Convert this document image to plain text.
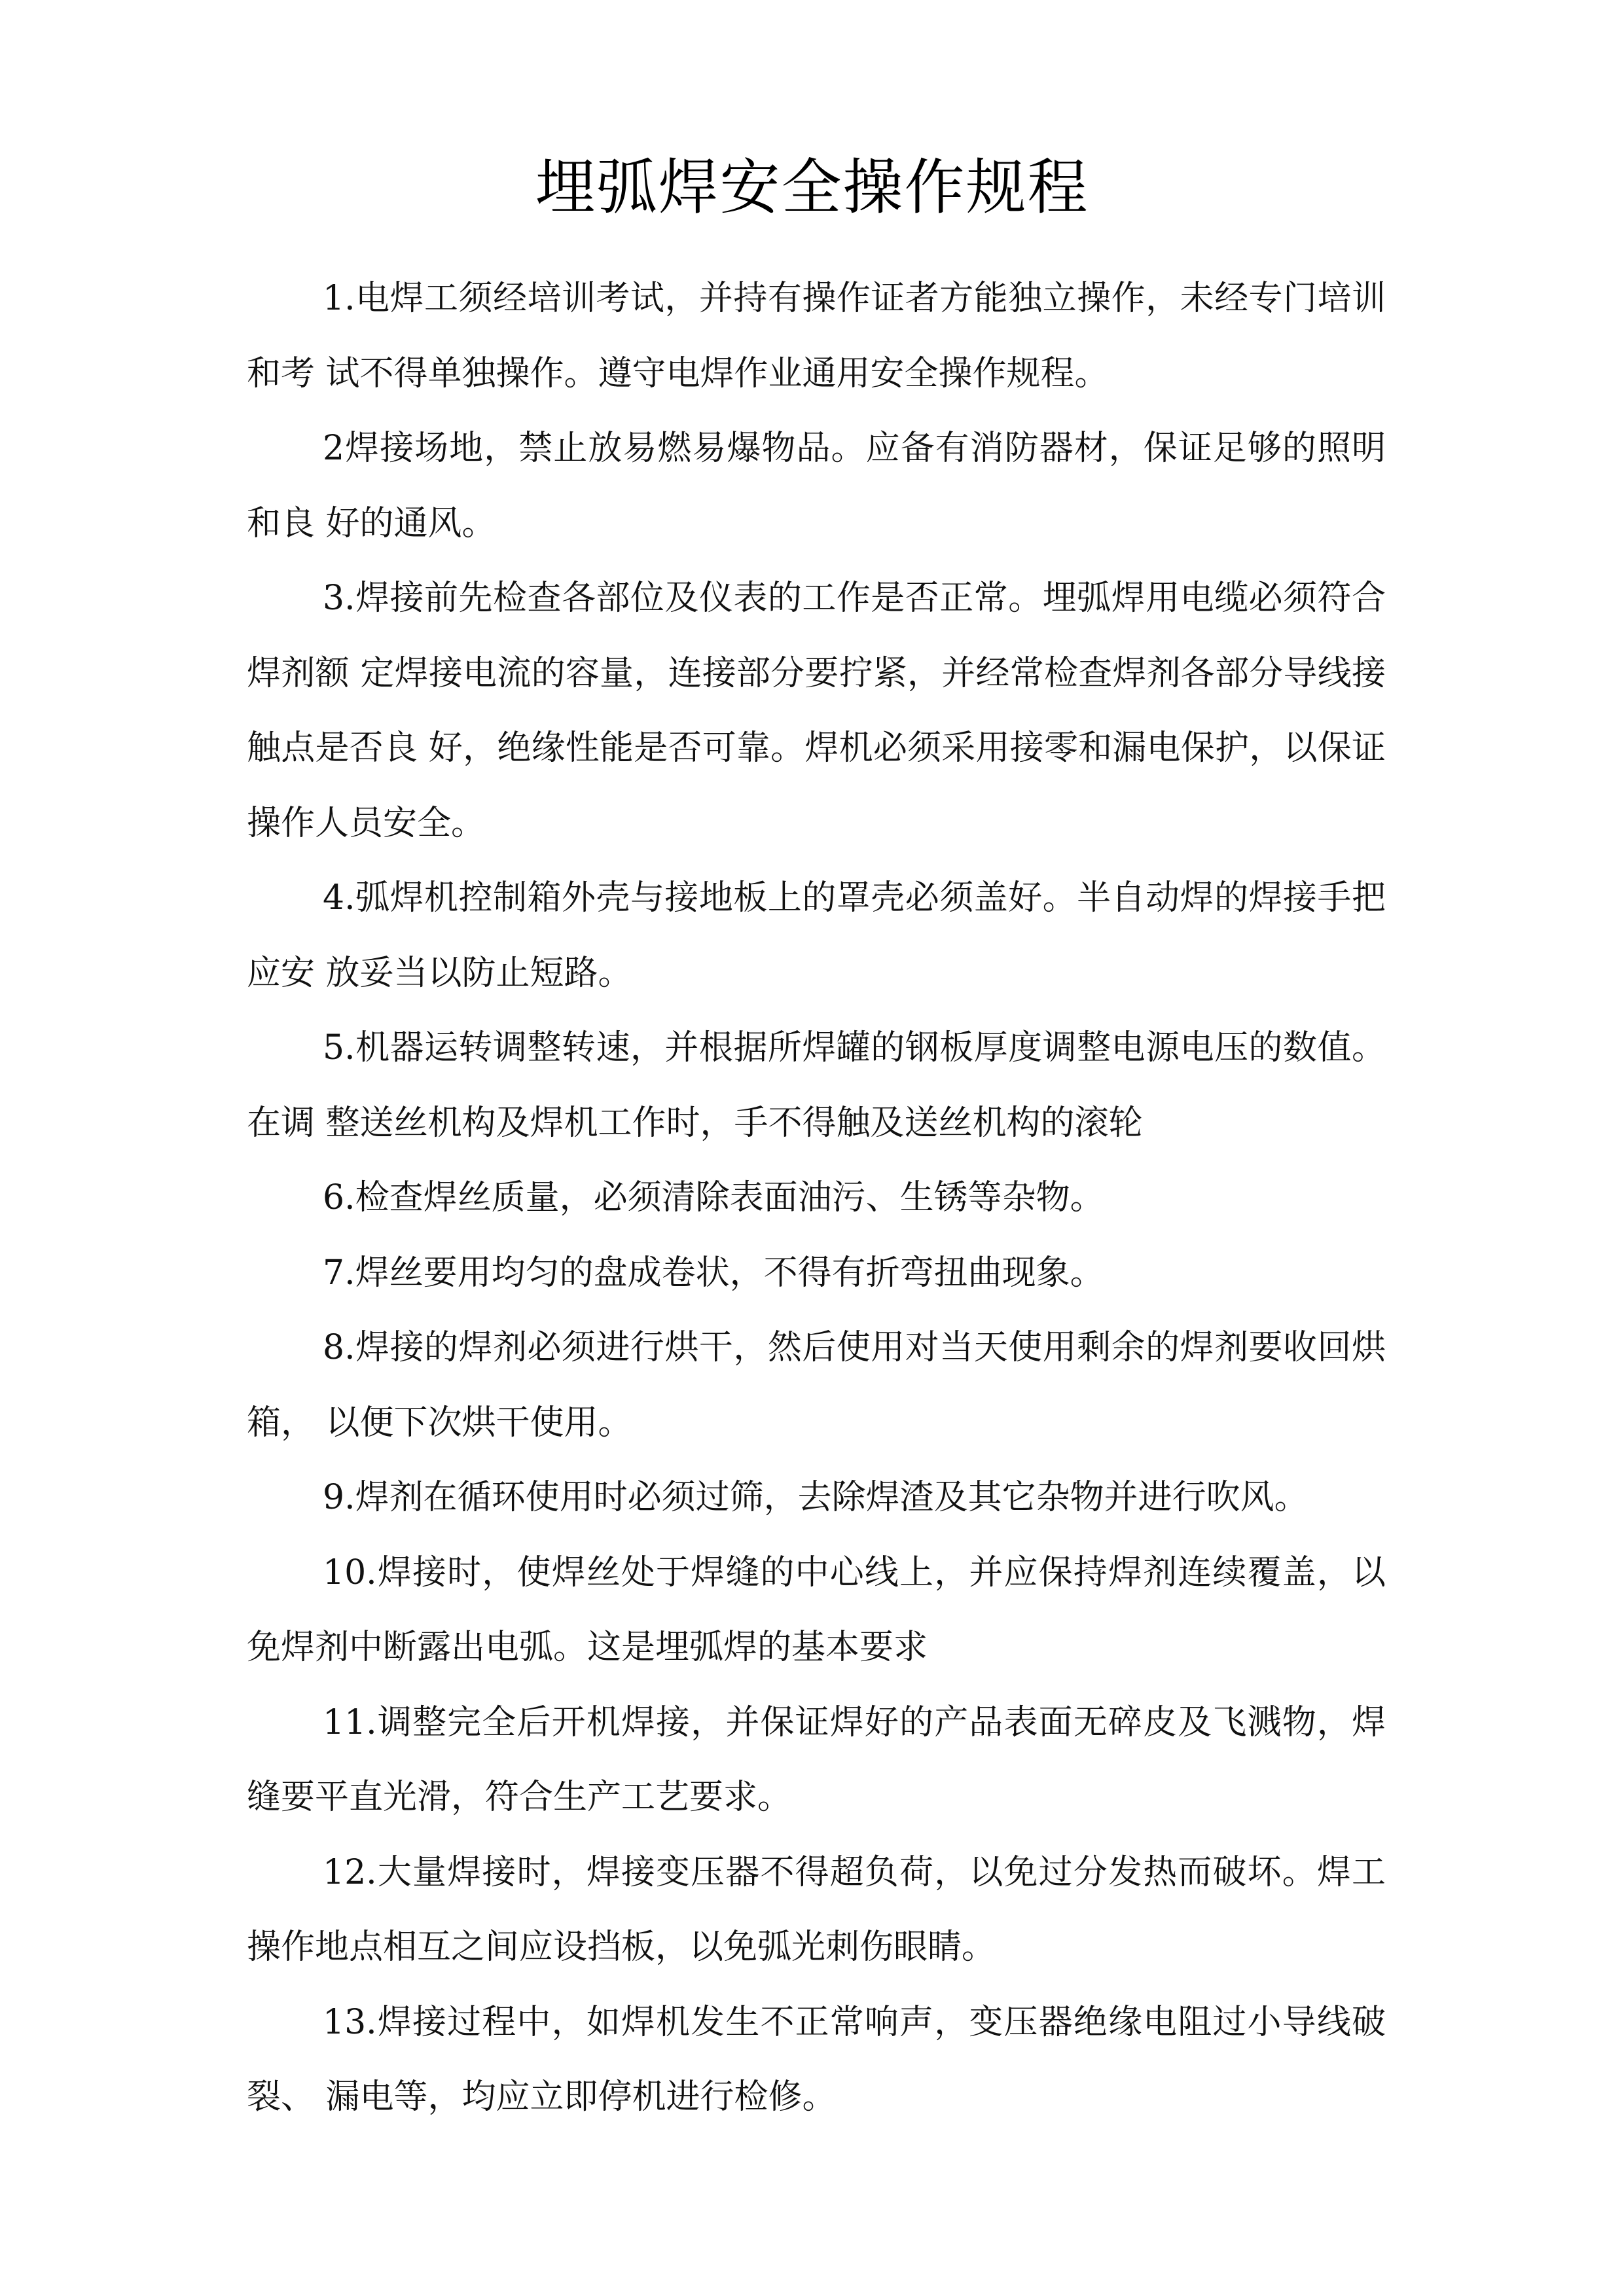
埋弧焊安全操作规程

1.电焊工须经培训考试，并持有操作证者方能独立操作，未经专门培训和考 试不得单独操作。遵守电焊作业通用安全操作规程。

2焊接场地，禁止放易燃易爆物品。应备有消防器材，保证足够的照明和良 好的通风。

3.焊接前先检查各部位及仪表的工作是否正常。埋弧焊用电缆必须符合焊剂额 定焊接电流的容量，连接部分要拧紧，并经常检查焊剂各部分导线接触点是否良 好，绝缘性能是否可靠。焊机必须采用接零和漏电保护，以保证操作人员安全。

4.弧焊机控制箱外壳与接地板上的罩壳必须盖好。半自动焊的焊接手把应安 放妥当以防止短路。

5.机器运转调整转速，并根据所焊罐的钢板厚度调整电源电压的数值。在调 整送丝机构及焊机工作时，手不得触及送丝机构的滚轮

6.检查焊丝质量，必须清除表面油污、生锈等杂物。

7.焊丝要用均匀的盘成卷状，不得有折弯扭曲现象。

8.焊接的焊剂必须进行烘干，然后使用对当天使用剩余的焊剂要收回烘箱， 以便下次烘干使用。

9.焊剂在循环使用时必须过筛，去除焊渣及其它杂物并进行吹风。

10.焊接时，使焊丝处于焊缝的中心线上，并应保持焊剂连续覆盖，以免焊剂中断露出电弧。这是埋弧焊的基本要求

11.调整完全后开机焊接，并保证焊好的产品表面无碎皮及飞溅物，焊缝要平直光滑，符合生产工艺要求。

12.大量焊接时，焊接变压器不得超负荷，以免过分发热而破坏。焊工操作地点相互之间应设挡板，以免弧光刺伤眼睛。

13.焊接过程中，如焊机发生不正常响声，变压器绝缘电阻过小导线破裂、 漏电等，均应立即停机进行检修。
